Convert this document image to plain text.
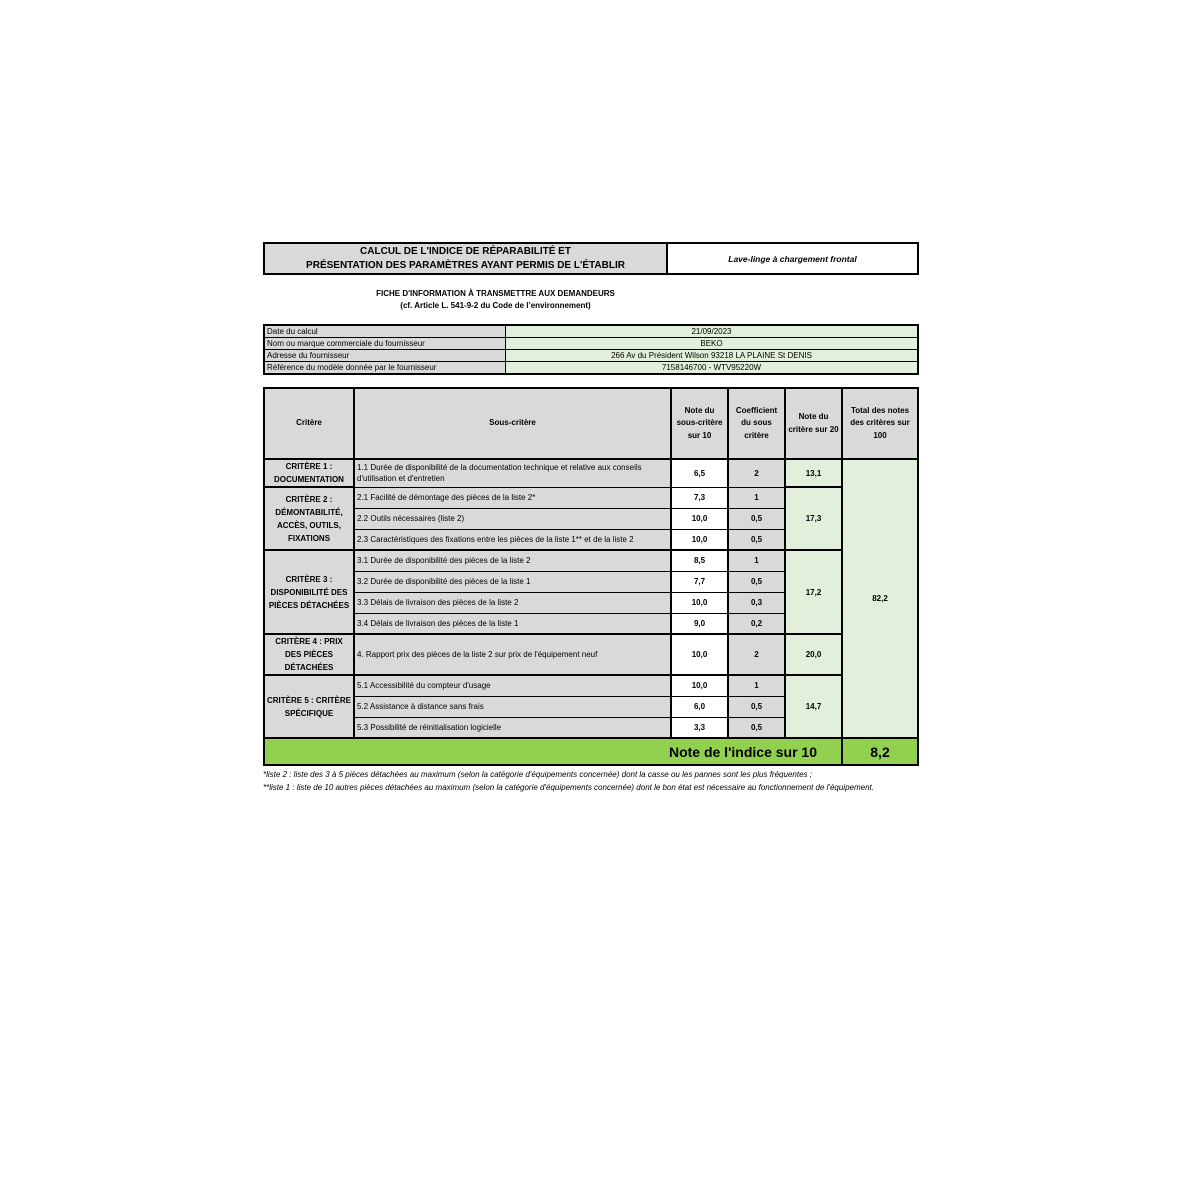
CALCUL DE L'INDICE DE RÉPARABILITÉ ET
PRÉSENTATION DES PARAMÈTRES AYANT PERMIS DE L'ÉTABLIR
Lave-linge à chargement frontal
FICHE D'INFORMATION À TRANSMETTRE AUX DEMANDEURS
(cf. Article L. 541-9-2 du Code de l’environnement)
Date du calcul	21/09/2023
Nom ou marque commerciale du fournisseur	BEKO
Adresse du fournisseur	266 Av du Président Wilson 93218 LA PLAINE St DENIS
Référence du modèle donnée par le fournisseur	7158146700 - WTV95220W
Critère	Sous-critère	Note du sous-critère sur 10	Coefficient du sous critère	Note du critère sur 20	Total des notes des critères sur 100
CRITÈRE 1 : DOCUMENTATION	1.1 Durée de disponibilité de la documentation technique et relative aux conseils d'utilisation et d'entretien	6,5	2	13,1	82,2
CRITÈRE 2 : DÉMONTABILITÉ, ACCÈS, OUTILS, FIXATIONS	2.1 Facilité de démontage des pièces de la liste 2*	7,3	1	17,3	
	2.2 Outils nécessaires (liste 2)	10,0	0,5		
	2.3 Caractéristiques des fixations entre les pièces de la liste 1** et de la liste 2	10,0	0,5		
CRITÈRE 3 : DISPONIBILITÉ DES PIÈCES DÉTACHÉES	3.1 Durée de disponibilité des pièces de la liste 2	8,5	1	17,2	
	3.2 Durée de disponibilité des pièces de la liste 1	7,7	0,5		
	3.3 Délais de livraison des pièces de la liste 2	10,0	0,3		
	3.4 Délais de livraison des pièces de la liste 1	9,0	0,2		
CRITÈRE 4 : PRIX DES PIÈCES DÉTACHÉES	4. Rapport prix des pièces de la liste 2 sur prix de l'équipement neuf	10,0	2	20,0	
CRITÈRE 5 : CRITÈRE SPÉCIFIQUE	5.1 Accessibilité du compteur d'usage	10,0	1	14,7	
	5.2 Assistance à distance sans frais	6,0	0,5		
	5.3 Possibilité de réinitialisation logicielle	3,3	0,5		
Note de l'indice sur 10					8,2
*liste 2 : liste des 3 à 5 pièces détachées au maximum (selon la catégorie d'équipements concernée) dont la casse ou les pannes sont les plus fréquentes ;
**liste 1 : liste de 10 autres pièces détachées au maximum (selon la catégorie d'équipements concernée) dont le bon état est nécessaire au fonctionnement de l'équipement.
